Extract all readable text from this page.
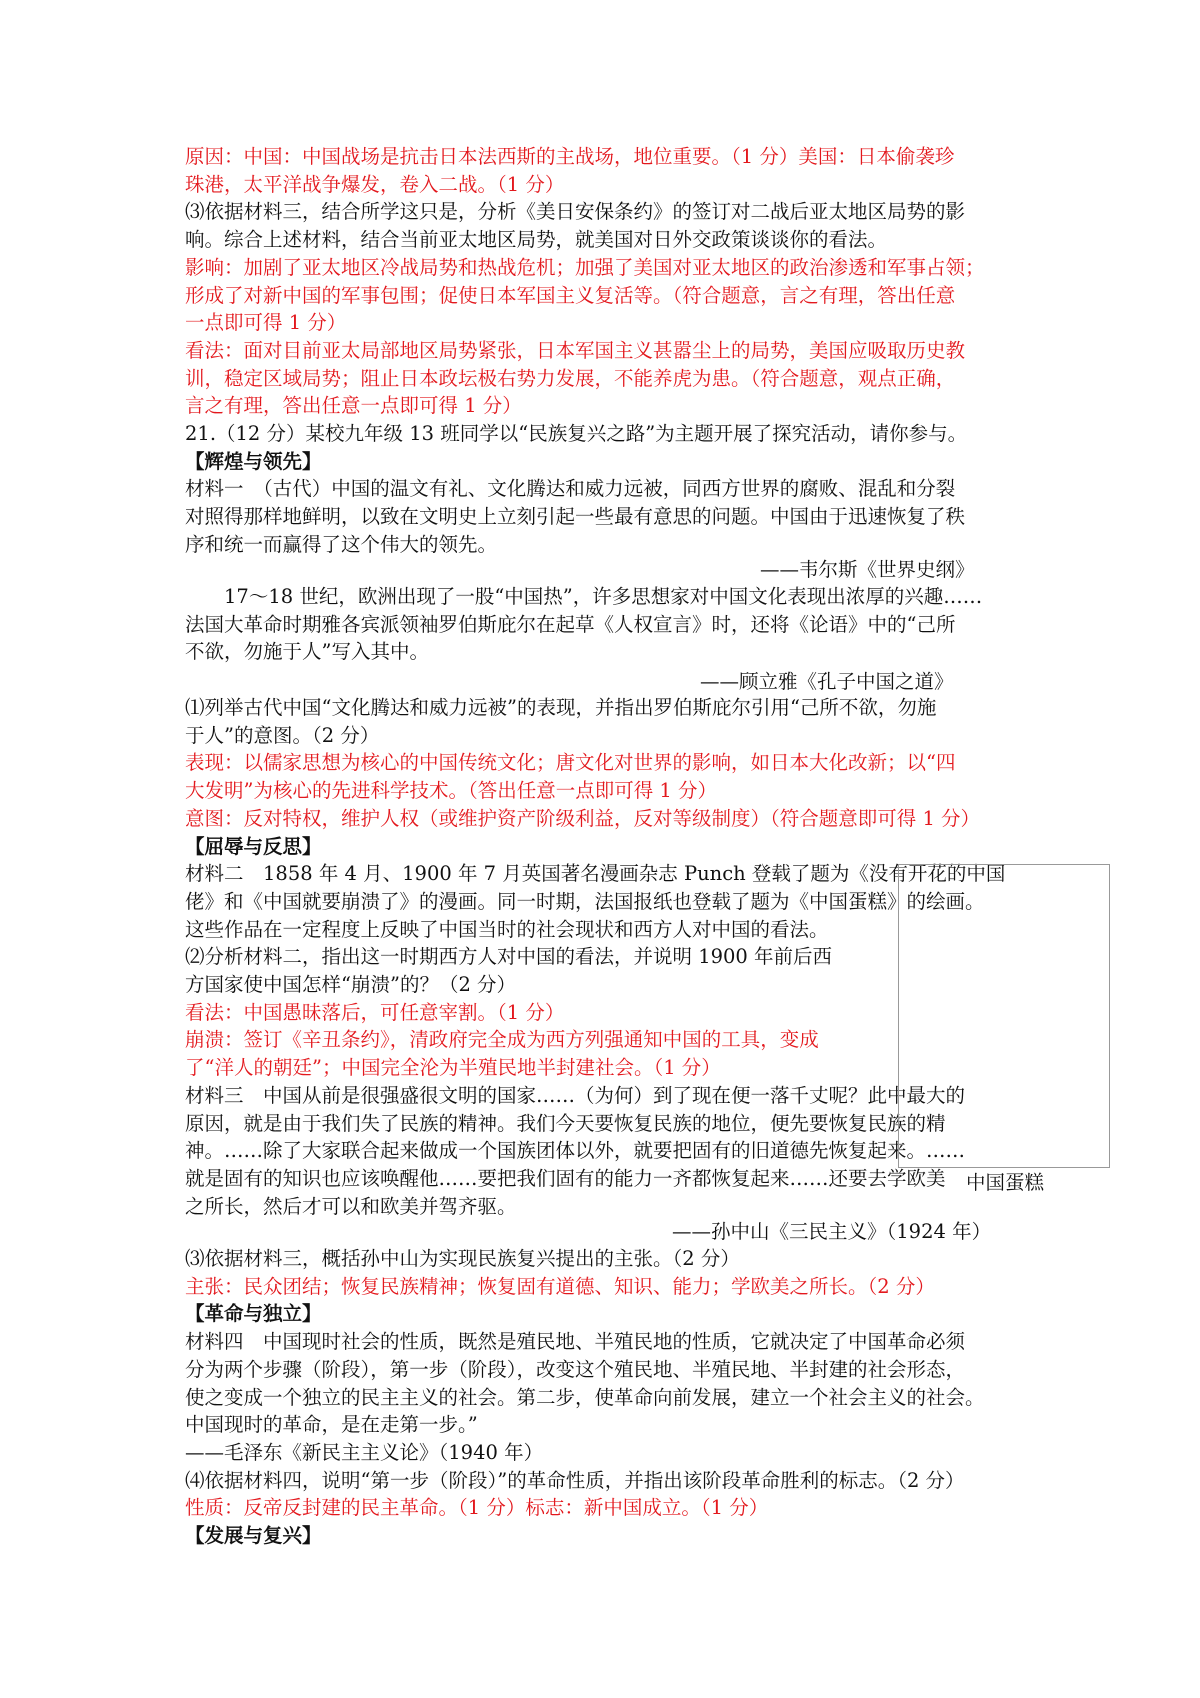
原因：中国：中国战场是抗击日本法西斯的主战场，地位重要。（1 分）美国：日本偷袭珍
珠港，太平洋战争爆发，卷入二战。（1 分）
⑶依据材料三，结合所学这只是，分析《美日安保条约》的签订对二战后亚太地区局势的影
响。综合上述材料，结合当前亚太地区局势，就美国对日外交政策谈谈你的看法。
影响：加剧了亚太地区冷战局势和热战危机；加强了美国对亚太地区的政治渗透和军事占领；
形成了对新中国的军事包围；促使日本军国主义复活等。（符合题意，言之有理，答出任意
一点即可得 1 分）
看法：面对目前亚太局部地区局势紧张，日本军国主义甚嚣尘上的局势，美国应吸取历史教
训，稳定区域局势；阻止日本政坛极右势力发展，不能养虎为患。（符合题意，观点正确，
言之有理，答出任意一点即可得 1 分）
21.（12 分）某校九年级 13 班同学以“民族复兴之路”为主题开展了探究活动，请你参与。
【辉煌与领先】
材料一　（古代）中国的温文有礼、文化腾达和威力远被，同西方世界的腐败、混乱和分裂
对照得那样地鲜明，以致在文明史上立刻引起一些最有意思的问题。中国由于迅速恢复了秩
序和统一而赢得了这个伟大的领先。
　　17～18 世纪，欧洲出现了一股“中国热”，许多思想家对中国文化表现出浓厚的兴趣……
法国大革命时期雅各宾派领袖罗伯斯庇尔在起草《人权宣言》时，还将《论语》中的“己所
不欲，勿施于人”写入其中。
⑴列举古代中国“文化腾达和威力远被”的表现，并指出罗伯斯庇尔引用“己所不欲，勿施
于人”的意图。（2 分）
表现：以儒家思想为核心的中国传统文化；唐文化对世界的影响，如日本大化改新；以“四
大发明”为核心的先进科学技术。（答出任意一点即可得 1 分）
意图：反对特权，维护人权（或维护资产阶级利益，反对等级制度）（符合题意即可得 1 分）
【屈辱与反思】
材料二　1858 年 4 月、1900 年 7 月英国著名漫画杂志 Punch 登载了题为《没有开花的中国
佬》和《中国就要崩溃了》的漫画。同一时期，法国报纸也登载了题为《中国蛋糕》的绘画。
这些作品在一定程度上反映了中国当时的社会现状和西方人对中国的看法。
⑵分析材料二，指出这一时期西方人对中国的看法，并说明 1900 年前后西
方国家使中国怎样“崩溃”的？（2 分）
看法：中国愚昧落后，可任意宰割。（1 分）
崩溃：签订《辛丑条约》，清政府完全成为西方列强通知中国的工具，变成
了“洋人的朝廷”；中国完全沦为半殖民地半封建社会。（1 分）
材料三　中国从前是很强盛很文明的国家……（为何）到了现在便一落千丈呢？此中最大的
原因，就是由于我们失了民族的精神。我们今天要恢复民族的地位，便先要恢复民族的精
神。……除了大家联合起来做成一个国族团体以外，就要把固有的旧道德先恢复起来。……
就是固有的知识也应该唤醒他……要把我们固有的能力一齐都恢复起来……还要去学欧美
之所长，然后才可以和欧美并驾齐驱。
⑶依据材料三，概括孙中山为实现民族复兴提出的主张。（2 分）
主张：民众团结；恢复民族精神；恢复固有道德、知识、能力；学欧美之所长。（2 分）
【革命与独立】
材料四　中国现时社会的性质，既然是殖民地、半殖民地的性质，它就决定了中国革命必须
分为两个步骤（阶段），第一步（阶段），改变这个殖民地、半殖民地、半封建的社会形态，
使之变成一个独立的民主主义的社会。第二步，使革命向前发展，建立一个社会主义的社会。
中国现时的革命，是在走第一步。”
——毛泽东《新民主主义论》（1940 年）
⑷依据材料四，说明“第一步（阶段）”的革命性质，并指出该阶段革命胜利的标志。（2 分）
性质：反帝反封建的民主革命。（1 分）标志：新中国成立。（1 分）
【发展与复兴】
中国蛋糕
——韦尔斯《世界史纲》
——顾立雅《孔子中国之道》
——孙中山《三民主义》（1924 年）
